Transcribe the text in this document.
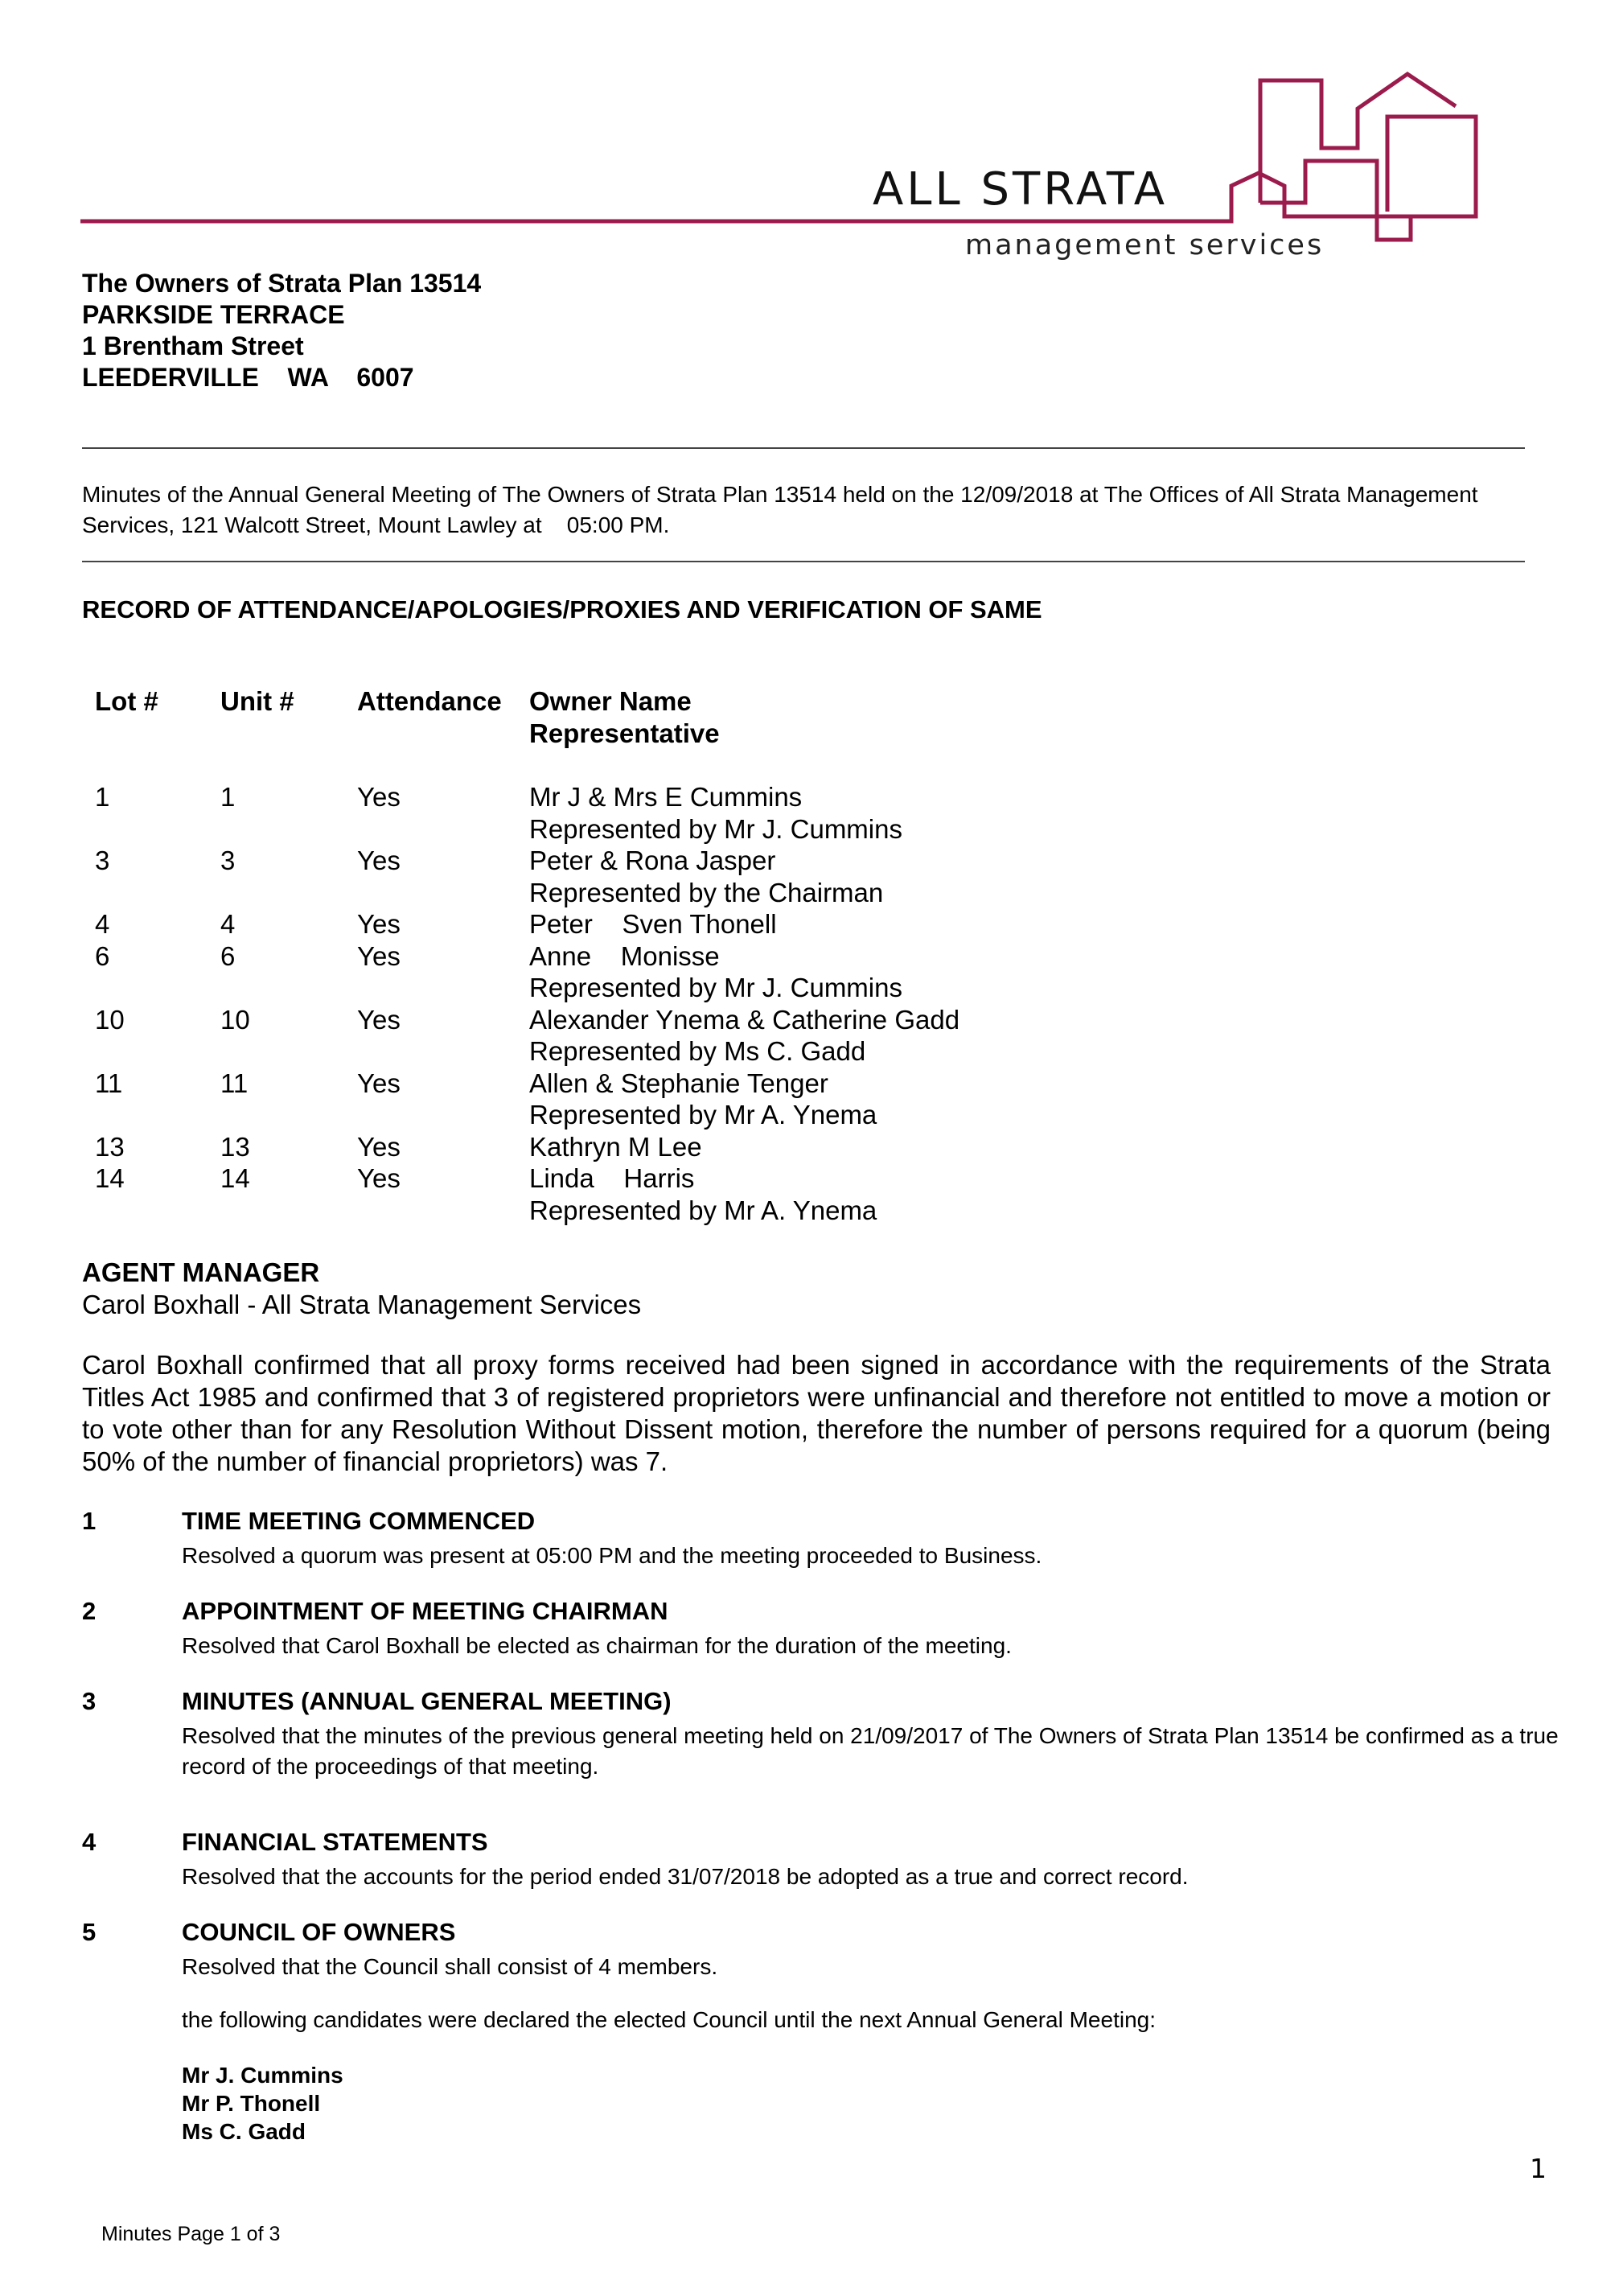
ALL STRATA
management services
The Owners of Strata Plan 13514
PARKSIDE TERRACE
1 Brentham Street
LEEDERVILLE    WA    6007
Minutes of the Annual General Meeting of The Owners of Strata Plan 13514 held on the 12/09/2018 at The Offices of All Strata Management Services, 121 Walcott Street, Mount Lawley at    05:00 PM.
RECORD OF ATTENDANCE/APOLOGIES/PROXIES AND VERIFICATION OF SAME
Lot # Unit # Attendance Owner Name
Representative
1	1	Yes	Mr J & Mrs E Cummins
Represented by Mr J. Cummins
3	3	Yes	Peter & Rona Jasper
Represented by the Chairman
4	4	Yes	Peter    Sven Thonell
6	6	Yes	Anne    Monisse
Represented by Mr J. Cummins
10	10	Yes	Alexander Ynema & Catherine Gadd
Represented by Ms C. Gadd
11	11	Yes	Allen & Stephanie Tenger
Represented by Mr A. Ynema
13	13	Yes	Kathryn M Lee
14	14	Yes	Linda    Harris
Represented by Mr A. Ynema
AGENT MANAGER
Carol Boxhall - All Strata Management Services
Carol Boxhall confirmed that all proxy forms received had been signed in accordance with the requirements of the Strata Titles Act 1985 and confirmed that 3 of registered proprietors were unfinancial and therefore not entitled to move a motion or to vote other than for any Resolution Without Dissent motion, therefore the number of persons required for a quorum (being 50% of the number of financial proprietors) was 7.
1	TIME MEETING COMMENCED
Resolved a quorum was present at 05:00 PM and the meeting proceeded to Business.
2	APPOINTMENT OF MEETING CHAIRMAN
Resolved that Carol Boxhall be elected as chairman for the duration of the meeting.
3	MINUTES (ANNUAL GENERAL MEETING)
Resolved that the minutes of the previous general meeting held on 21/09/2017 of The Owners of Strata Plan 13514 be confirmed as a true record of the proceedings of that meeting.
4	FINANCIAL STATEMENTS
Resolved that the accounts for the period ended 31/07/2018 be adopted as a true and correct record.
5	COUNCIL OF OWNERS
Resolved that the Council shall consist of 4 members.
the following candidates were declared the elected Council until the next Annual General Meeting:
Mr J. Cummins
Mr P. Thonell
Ms C. Gadd
1
Minutes Page 1 of 3
